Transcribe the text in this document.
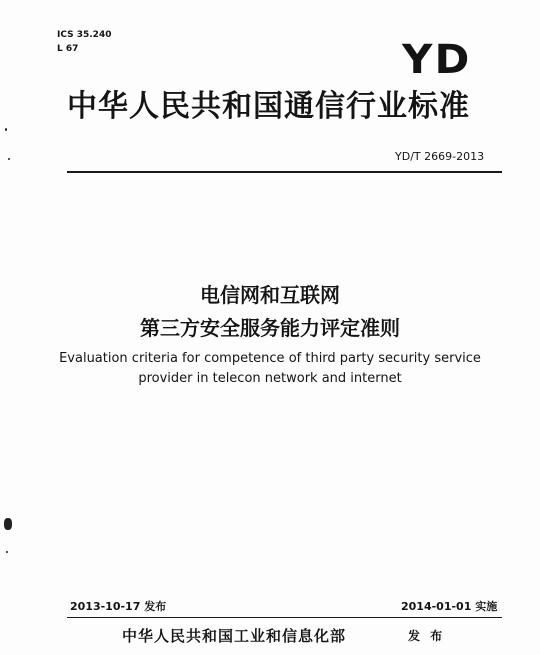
ICS 35.240
L 67	YD
中华人民共和国通信行业标准
YD/T 2669-2013
电信网和互联网
第三方安全服务能力评定准则
Evaluation criteria for competence of third party security service
provider in telecon network and internet
2013-10-17 发布	2014-01-01 实施
中华人民共和国工业和信息化部	发 布
